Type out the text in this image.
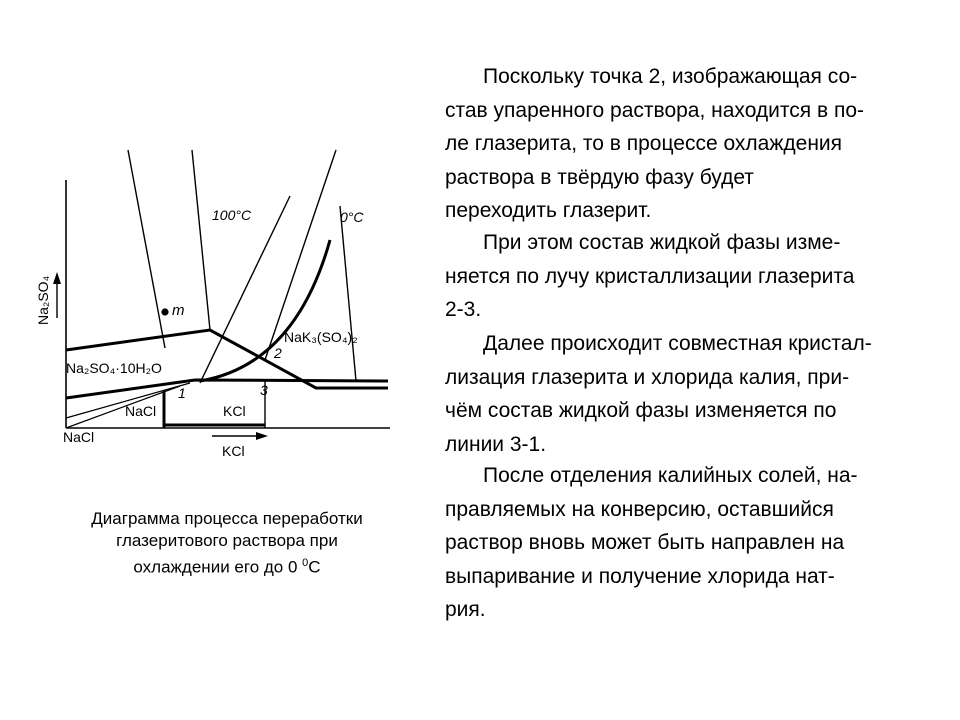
100°C	0°C
m
Na₂SO₄
NaK₃(SO₄)₂
Na₂SO₄·10H₂O
1
2
3
NaCl	KCl
NaCl
KCl
Диаграмма процесса переработки
глазеритового раствора при
охлаждении его до 0 $^0$С
Поскольку точка 2, изображающая со-
став упаренного раствора, находится в по-
ле глазерита, то в процессе охлаждения
раствора в твёрдую фазу будет
переходить глазерит.
При этом состав жидкой фазы изме-
няется по лучу кристаллизации глазерита
2-3.
Далее происходит совместная кристал-
лизация глазерита и хлорида калия, при-
чём состав жидкой фазы изменяется по
линии 3-1.
После отделения калийных солей, на-
правляемых на конверсию, оставшийся
раствор вновь может быть направлен на
выпаривание и получение хлорида нат-
рия.
